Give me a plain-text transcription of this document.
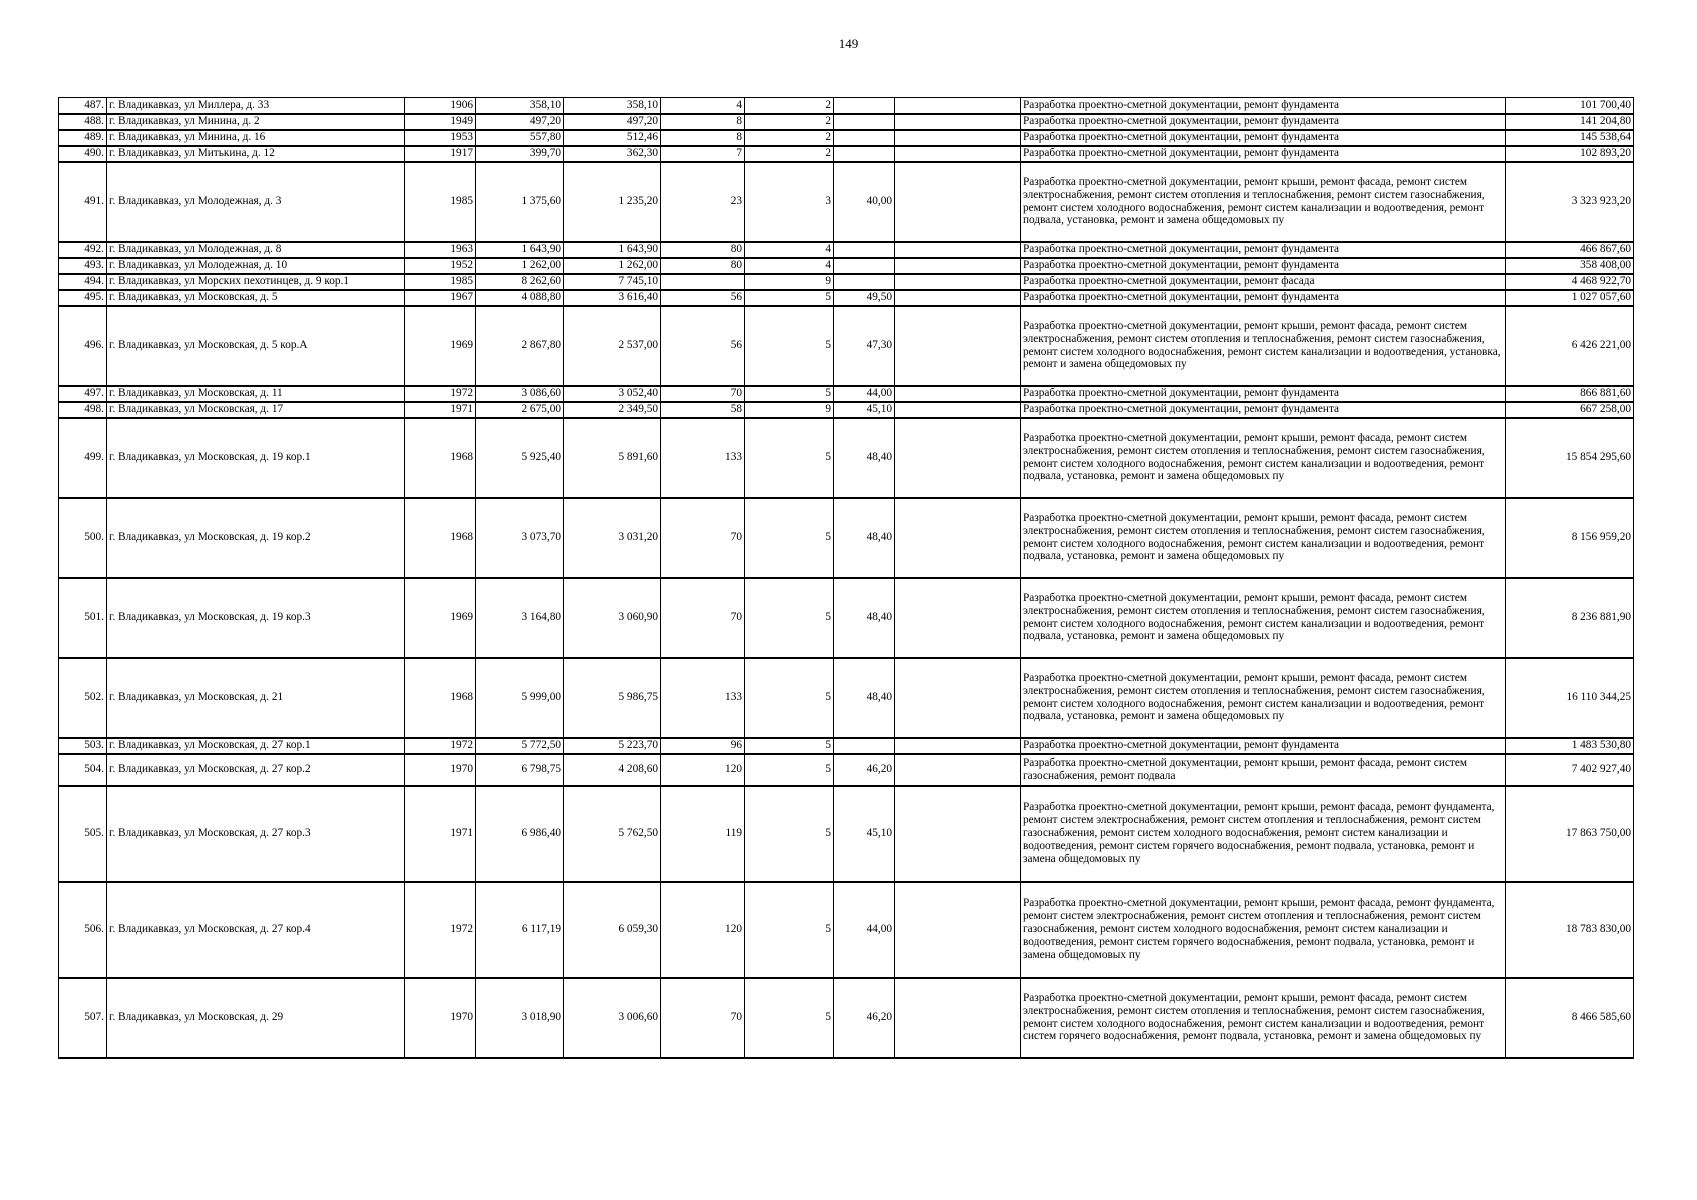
149
487.	г. Владикавказ, ул Миллера, д. 33	1906	358,10	358,10	4	2			Разработка проектно-сметной документации, ремонт фундамента	101 700,40
488.	г. Владикавказ, ул Минина, д. 2	1949	497,20	497,20	8	2			Разработка проектно-сметной документации, ремонт фундамента	141 204,80
489.	г. Владикавказ, ул Минина, д. 16	1953	557,80	512,46	8	2			Разработка проектно-сметной документации, ремонт фундамента	145 538,64
490.	г. Владикавказ, ул Митькина, д. 12	1917	399,70	362,30	7	2			Разработка проектно-сметной документации, ремонт фундамента	102 893,20
491.	г. Владикавказ, ул Молодежная, д. 3	1985	1 375,60	1 235,20	23	3	40,00		Разработка проектно-сметной документации, ремонт крыши, ремонт фасада, ремонт систем электроснабжения, ремонт систем отопления и теплоснабжения, ремонт систем газоснабжения, ремонт систем холодного водоснабжения, ремонт систем канализации и водоотведения, ремонт подвала, установка, ремонт и замена общедомовых пу	3 323 923,20
492.	г. Владикавказ, ул Молодежная, д. 8	1963	1 643,90	1 643,90	80	4			Разработка проектно-сметной документации, ремонт фундамента	466 867,60
493.	г. Владикавказ, ул Молодежная, д. 10	1952	1 262,00	1 262,00	80	4			Разработка проектно-сметной документации, ремонт фундамента	358 408,00
494.	г. Владикавказ, ул Морских пехотинцев, д. 9 кор.1	1985	8 262,60	7 745,10		9			Разработка проектно-сметной документации, ремонт фасада	4 468 922,70
495.	г. Владикавказ, ул Московская, д. 5	1967	4 088,80	3 616,40	56	5	49,50		Разработка проектно-сметной документации, ремонт фундамента	1 027 057,60
496.	г. Владикавказ, ул Московская, д. 5 кор.А	1969	2 867,80	2 537,00	56	5	47,30		Разработка проектно-сметной документации, ремонт крыши, ремонт фасада, ремонт систем электроснабжения, ремонт систем отопления и теплоснабжения, ремонт систем газоснабжения, ремонт систем холодного водоснабжения, ремонт систем канализации и водоотведения, установка, ремонт и замена общедомовых пу	6 426 221,00
497.	г. Владикавказ, ул Московская, д. 11	1972	3 086,60	3 052,40	70	5	44,00		Разработка проектно-сметной документации, ремонт фундамента	866 881,60
498.	г. Владикавказ, ул Московская, д. 17	1971	2 675,00	2 349,50	58	9	45,10		Разработка проектно-сметной документации, ремонт фундамента	667 258,00
499.	г. Владикавказ, ул Московская, д. 19 кор.1	1968	5 925,40	5 891,60	133	5	48,40		Разработка проектно-сметной документации, ремонт крыши, ремонт фасада, ремонт систем электроснабжения, ремонт систем отопления и теплоснабжения, ремонт систем газоснабжения, ремонт систем холодного водоснабжения, ремонт систем канализации и водоотведения, ремонт подвала, установка, ремонт и замена общедомовых пу	15 854 295,60
500.	г. Владикавказ, ул Московская, д. 19 кор.2	1968	3 073,70	3 031,20	70	5	48,40		Разработка проектно-сметной документации, ремонт крыши, ремонт фасада, ремонт систем электроснабжения, ремонт систем отопления и теплоснабжения, ремонт систем газоснабжения, ремонт систем холодного водоснабжения, ремонт систем канализации и водоотведения, ремонт подвала, установка, ремонт и замена общедомовых пу	8 156 959,20
501.	г. Владикавказ, ул Московская, д. 19 кор.3	1969	3 164,80	3 060,90	70	5	48,40		Разработка проектно-сметной документации, ремонт крыши, ремонт фасада, ремонт систем электроснабжения, ремонт систем отопления и теплоснабжения, ремонт систем газоснабжения, ремонт систем холодного водоснабжения, ремонт систем канализации и водоотведения, ремонт подвала, установка, ремонт и замена общедомовых пу	8 236 881,90
502.	г. Владикавказ, ул Московская, д. 21	1968	5 999,00	5 986,75	133	5	48,40		Разработка проектно-сметной документации, ремонт крыши, ремонт фасада, ремонт систем электроснабжения, ремонт систем отопления и теплоснабжения, ремонт систем газоснабжения, ремонт систем холодного водоснабжения, ремонт систем канализации и водоотведения, ремонт подвала, установка, ремонт и замена общедомовых пу	16 110 344,25
503.	г. Владикавказ, ул Московская, д. 27 кор.1	1972	5 772,50	5 223,70	96	5			Разработка проектно-сметной документации, ремонт фундамента	1 483 530,80
504.	г. Владикавказ, ул Московская, д. 27 кор.2	1970	6 798,75	4 208,60	120	5	46,20		Разработка проектно-сметной документации, ремонт крыши, ремонт фасада, ремонт систем газоснабжения, ремонт подвала	7 402 927,40
505.	г. Владикавказ, ул Московская, д. 27 кор.3	1971	6 986,40	5 762,50	119	5	45,10		Разработка проектно-сметной документации, ремонт крыши, ремонт фасада, ремонт фундамента, ремонт систем электроснабжения, ремонт систем отопления и теплоснабжения, ремонт систем газоснабжения, ремонт систем холодного водоснабжения, ремонт систем канализации и водоотведения, ремонт систем горячего водоснабжения, ремонт подвала, установка, ремонт и замена общедомовых пу	17 863 750,00
506.	г. Владикавказ, ул Московская, д. 27 кор.4	1972	6 117,19	6 059,30	120	5	44,00		Разработка проектно-сметной документации, ремонт крыши, ремонт фасада, ремонт фундамента, ремонт систем электроснабжения, ремонт систем отопления и теплоснабжения, ремонт систем газоснабжения, ремонт систем холодного водоснабжения, ремонт систем канализации и водоотведения, ремонт систем горячего водоснабжения, ремонт подвала, установка, ремонт и замена общедомовых пу	18 783 830,00
507.	г. Владикавказ, ул Московская, д. 29	1970	3 018,90	3 006,60	70	5	46,20		Разработка проектно-сметной документации, ремонт крыши, ремонт фасада, ремонт систем электроснабжения, ремонт систем отопления и теплоснабжения, ремонт систем газоснабжения, ремонт систем холодного водоснабжения, ремонт систем канализации и водоотведения, ремонт систем горячего водоснабжения, ремонт подвала, установка, ремонт и замена общедомовых пу	8 466 585,60
